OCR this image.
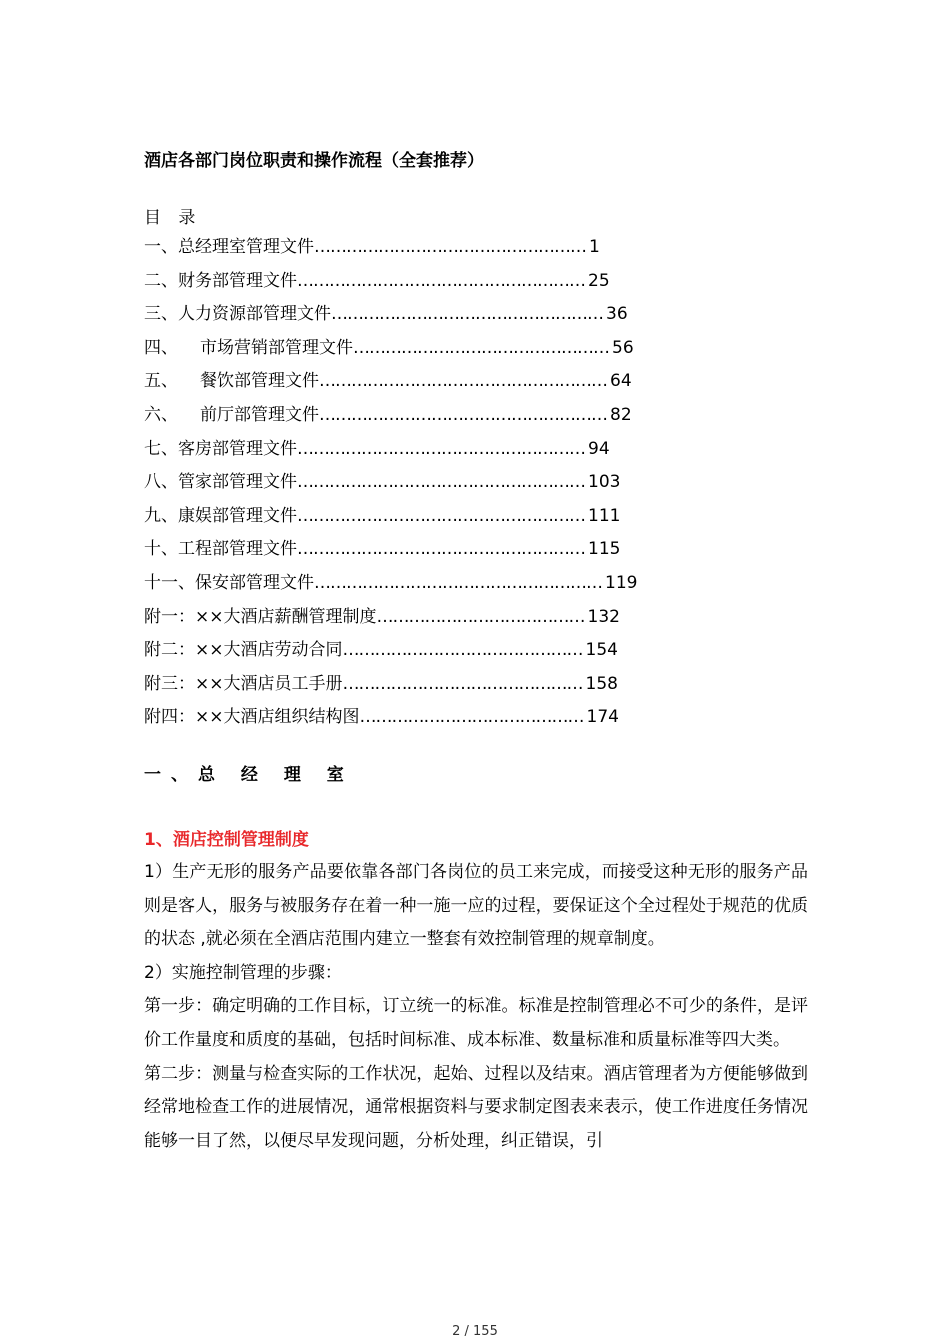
酒店各部门岗位职责和操作流程（全套推荐）
目 录
一、 总经理室管理文件 …………………………………………… 1
二、 财务部管理文件 ……………………………………………… 25
三、 人力资源部管理文件 …………………………………………… 36
四、 市场营销部管理文件 ………………………………………… 56
五、 餐饮部管理文件 ……………………………………………… 64
六、 前厅部管理文件 ……………………………………………… 82
七、 客房部管理文件 ……………………………………………… 94
八、 管家部管理文件 ……………………………………………… 103
九、 康娱部管理文件 ……………………………………………… 111
十、 工程部管理文件 ……………………………………………… 115
十一、 保安部管理文件 ……………………………………………… 119
附一： ××大酒店薪酬管理制度 ………………………………… 132
附二： ××大酒店劳动合同 ……………………………………… 154
附三： ××大酒店员工手册 ……………………………………… 158
附四： ××大酒店组织结构图 …………………………………… 174
一、总 经 理 室
1、酒店控制管理制度

1）生产无形的服务产品要依靠各部门各岗位的员工来完成，而接受这种无形的服务产品则是客人，服务与被服务存在着一种一施一应的过程，要保证这个全过程处于规范的优质的状态 ,就必须在全酒店范围内建立一整套有效控制管理的规章制度。

2）实施控制管理的步骤：

第一步：确定明确的工作目标，订立统一的标准。标准是控制管理必不可少的条件，是评价工作量度和质度的基础，包括时间标准、成本标准、数量标准和质量标准等四大类。

第二步：测量与检查实际的工作状况，起始、过程以及结束。酒店管理者为方便能够做到经常地检查工作的进展情况，通常根据资料与要求制定图表来表示，使工作进度任务情况能够一目了然，以便尽早发现问题，分析处理，纠正错误，引

2 / 155
